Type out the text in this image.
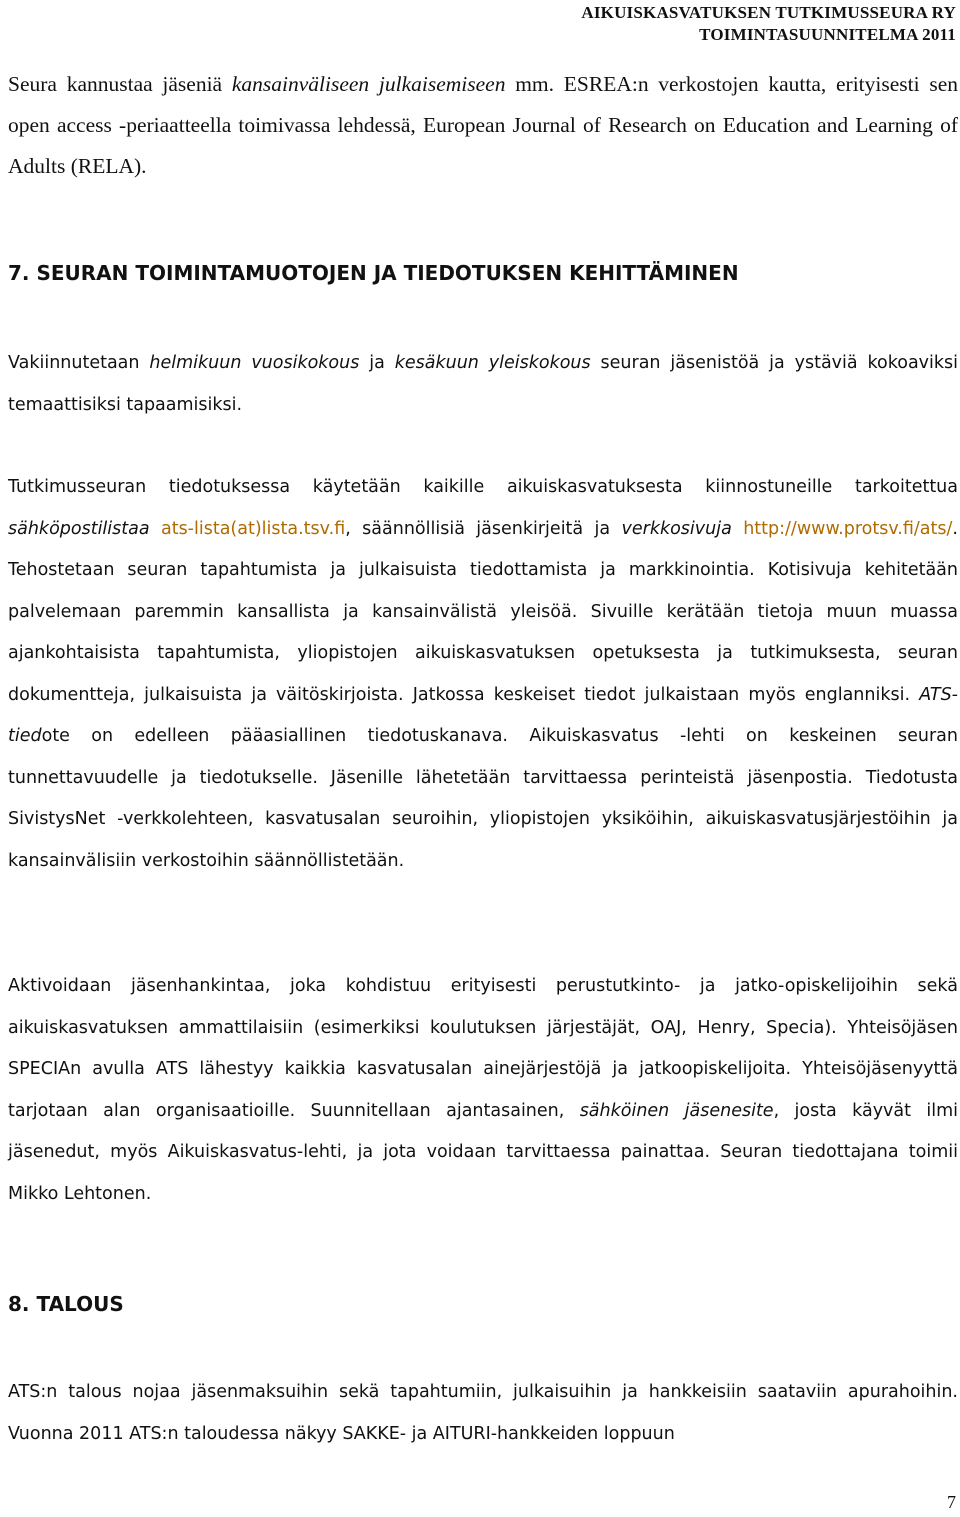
AIKUISKASVATUKSEN TUTKIMUSSEURA RY
TOIMINTASUUNNITELMA 2011

Seura kannustaa jäseniä kansainväliseen julkaisemiseen mm. ESREA:n verkostojen kautta, erityisesti sen open access -periaatteella toimivassa lehdessä, European Journal of Research on Education and Learning of Adults (RELA).

7. SEURAN TOIMINTAMUOTOJEN JA TIEDOTUKSEN KEHITTÄMINEN

Vakiinnutetaan helmikuun vuosikokous ja kesäkuun yleiskokous seuran jäsenistöä ja ystäviä kokoaviksi temaattisiksi tapaamisiksi.

Tutkimusseuran tiedotuksessa käytetään kaikille aikuiskasvatuksesta kiinnostuneille tarkoitettua sähköpostilistaa ats-lista(at)lista.tsv.fi, säännöllisiä jäsenkirjeitä ja verkkosivuja http://www.protsv.fi/ats/. Tehostetaan seuran tapahtumista ja julkaisuista tiedottamista ja markkinointia. Kotisivuja kehitetään palvelemaan paremmin kansallista ja kansainvälistä yleisöä. Sivuille kerätään tietoja muun muassa ajankohtaisista tapahtumista, yliopistojen aikuiskasvatuksen opetuksesta ja tutkimuksesta, seuran dokumentteja, julkaisuista ja väitöskirjoista. Jatkossa keskeiset tiedot julkaistaan myös englanniksi. ATS-tiedote on edelleen pääasiallinen tiedotuskanava. Aikuiskasvatus -lehti on keskeinen seuran tunnettavuudelle ja tiedotukselle. Jäsenille lähetetään tarvittaessa perinteistä jäsenpostia. Tiedotusta SivistysNet -verkkolehteen, kasvatusalan seuroihin, yliopistojen yksiköihin, aikuiskasvatusjärjestöihin ja kansainvälisiin verkostoihin säännöllistetään.

Aktivoidaan jäsenhankintaa, joka kohdistuu erityisesti perustutkinto- ja jatko-opiskelijoihin sekä aikuiskasvatuksen ammattilaisiin (esimerkiksi koulutuksen järjestäjät, OAJ, Henry, Specia). Yhteisöjäsen SPECIAn avulla ATS lähestyy kaikkia kasvatusalan ainejärjestöjä ja jatkoopiskelijoita. Yhteisöjäsenyyttä tarjotaan alan organisaatioille. Suunnitellaan ajantasainen, sähköinen jäsenesite, josta käyvät ilmi jäsenedut, myös Aikuiskasvatus-lehti, ja jota voidaan tarvittaessa painattaa. Seuran tiedottajana toimii Mikko Lehtonen.

8. TALOUS

ATS:n talous nojaa jäsenmaksuihin sekä tapahtumiin, julkaisuihin ja hankkeisiin saataviin apurahoihin. Vuonna 2011 ATS:n taloudessa näkyy SAKKE- ja AITURI-hankkeiden loppuun

7
